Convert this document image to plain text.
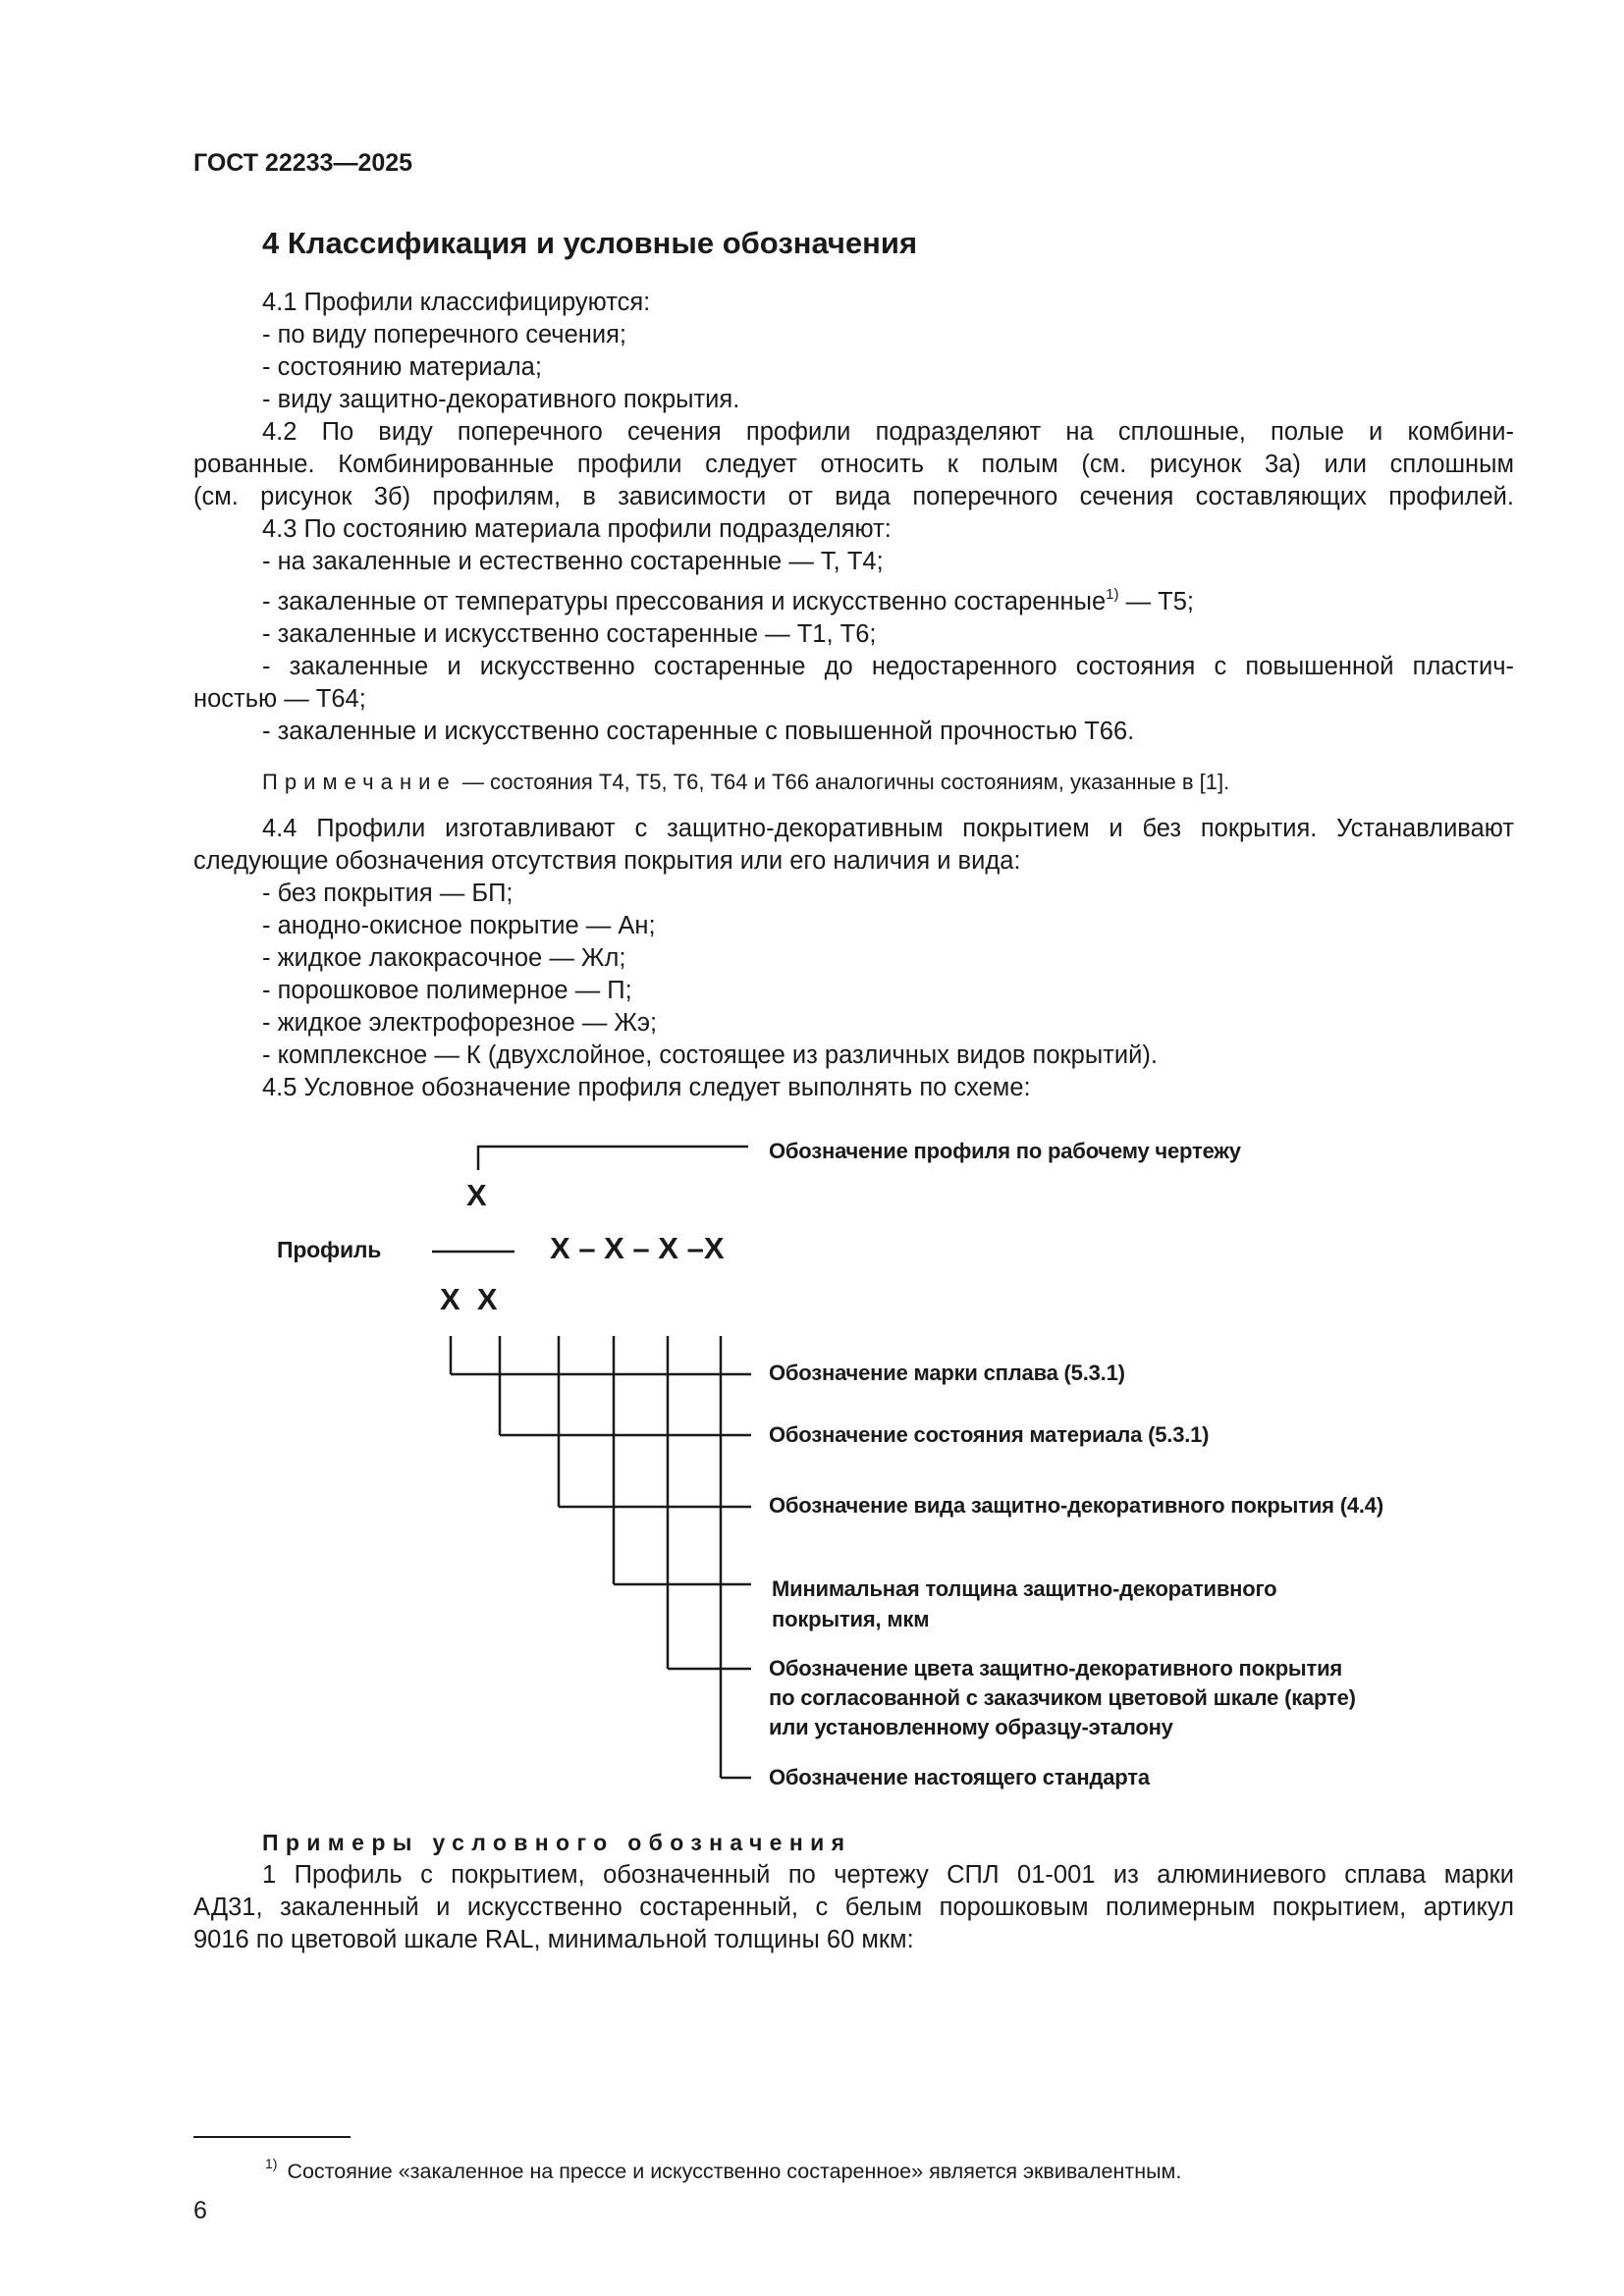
ГОСТ 22233—2025
4 Классификация и условные обозначения
4.1 Профили классифицируются:
- по виду поперечного сечения;
- состоянию материала;
- виду защитно-декоративного покрытия.
4.2 По виду поперечного сечения профили подразделяют на сплошные, полые и комбини-
рованные. Комбинированные профили следует относить к полым (см. рисунок 3а) или сплошным
(см. рисунок 3б) профилям, в зависимости от вида поперечного сечения составляющих профилей.
4.3 По состоянию материала профили подразделяют:
- на закаленные и естественно состаренные — Т, Т4;
- закаленные от температуры прессования и искусственно состаренные$^{1)}$ — Т5;
- закаленные и искусственно состаренные — Т1, Т6;
- закаленные и искусственно состаренные до недостаренного состояния с повышенной пластич-
ностью — Т64;
- закаленные и искусственно состаренные с повышенной прочностью Т66.
Примечание — состояния Т4, Т5, Т6, Т64 и Т66 аналогичны состояниям, указанные в [1].
4.4 Профили изготавливают с защитно-декоративным покрытием и без покрытия. Устанавливают
следующие обозначения отсутствия покрытия или его наличия и вида:
- без покрытия — БП;
- анодно-окисное покрытие — Ан;
- жидкое лакокрасочное — Жл;
- порошковое полимерное — П;
- жидкое электрофорезное — Жэ;
- комплексное — К (двухслойное, состоящее из различных видов покрытий).
4.5 Условное обозначение профиля следует выполнять по схеме:
Обозначение профиля по рабочему чертежу
X
Профиль	X – X – X –X
X  X
Обозначение марки сплава (5.3.1)
Обозначение состояния материала (5.3.1)
Обозначение вида защитно-декоративного покрытия (4.4)
Минимальная толщина защитно-декоративного
покрытия, мкм
Обозначение цвета защитно-декоративного покрытия
по согласованной с заказчиком цветовой шкале (карте)
или установленному образцу-эталону
Обозначение настоящего стандарта
Примеры условного обозначения
1 Профиль с покрытием, обозначенный по чертежу СПЛ 01-001 из алюминиевого сплава марки
АД31, закаленный и искусственно состаренный, с белым порошковым полимерным покрытием, артикул
9016 по цветовой шкале RAL, минимальной толщины 60 мкм:
$^{1)}$ Состояние «закаленное на прессе и искусственно состаренное» является эквивалентным.
6
